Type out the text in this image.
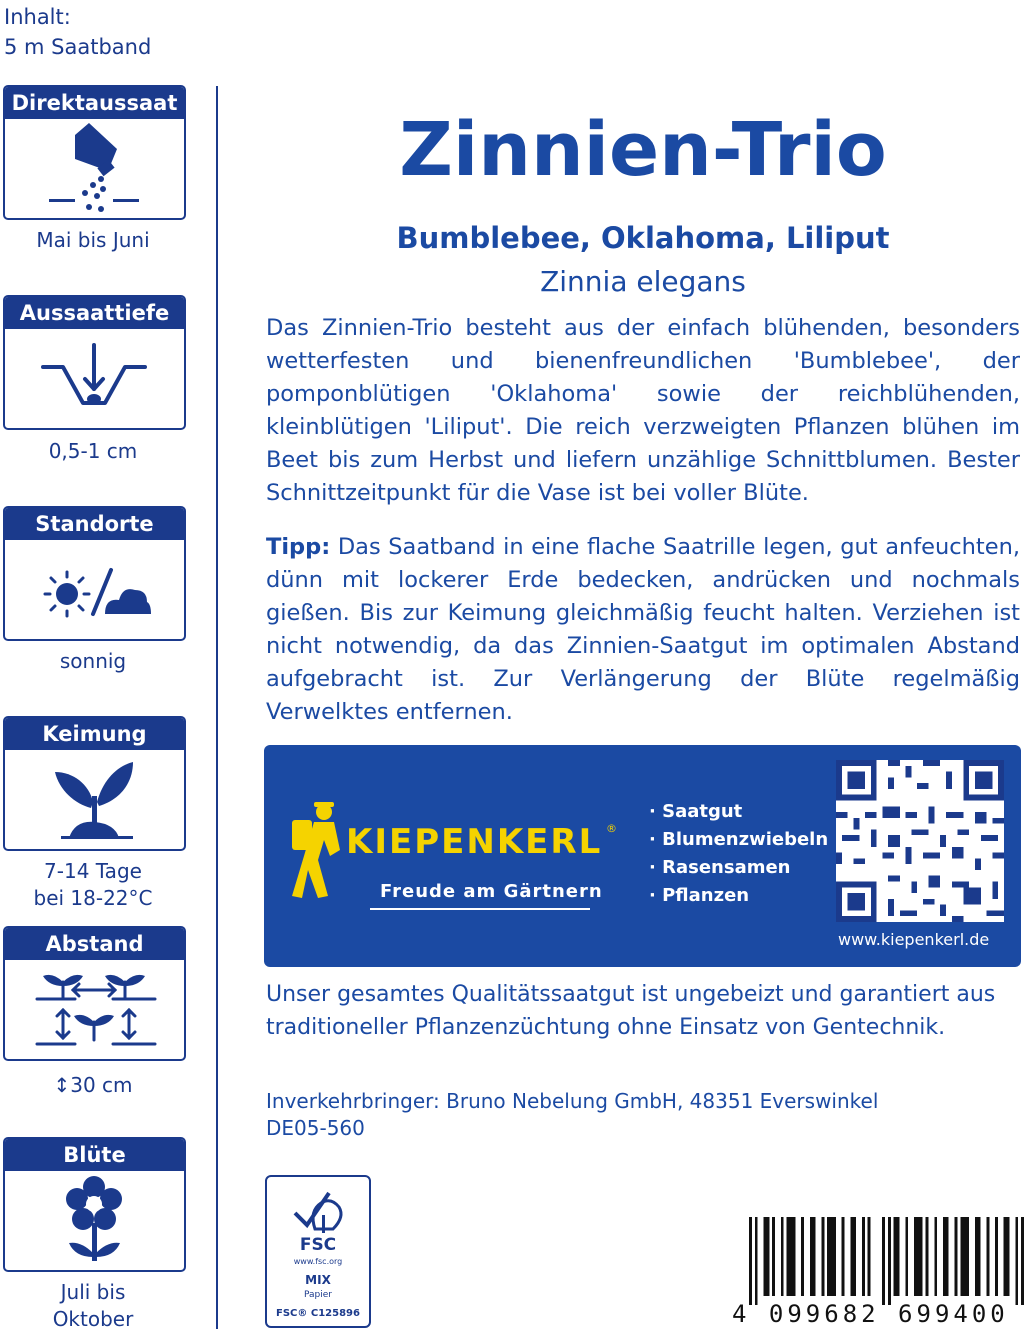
Inhalt:
5 m Saatband
Direktaussaat
Mai bis Juni
Aussaattiefe
0,5-1 cm
Standorte
sonnig
Keimung
7-14 Tage
bei 18-22°C
Abstand
↕30 cm
Blüte
Juli bis
Oktober
Zinnien-Trio
Bumblebee, Oklahoma, Liliput
Zinnia elegans
Das Zinnien-Trio besteht aus der einfach blühenden, besonders wetterfesten und bienenfreundlichen 'Bumblebee', der pomponblütigen 'Oklahoma' sowie der reichblühenden, kleinblütigen 'Liliput'. Die reich verzweigten Pflanzen blühen im Beet bis zum Herbst und liefern unzählige Schnittblumen. Bester Schnittzeitpunkt für die Vase ist bei voller Blüte.
Tipp: Das Saatband in eine flache Saatrille legen, gut anfeuchten, dünn mit lockerer Erde bedecken, andrücken und nochmals gießen. Bis zur Keimung gleichmäßig feucht halten. Verziehen ist nicht notwendig, da das Zinnien-Saatgut im optimalen Abstand aufgebracht ist. Zur Verlängerung der Blüte regelmäßig Verwelktes entfernen.
KIEPENKERL ®
Freude am Gärtnern
· Saatgut
· Blumenzwiebeln
· Rasensamen
· Pflanzen
www.kiepenkerl.de
Unser gesamtes Qualitätssaatgut ist ungebeizt und garantiert aus traditioneller Pflanzenzüchtung ohne Einsatz von Gentechnik.
Inverkehrbringer: Bruno Nebelung GmbH, 48351 Everswinkel
DE05-560
FSC
www.fsc.org
MIX
Papier
FSC® C125896	4 099682 699400
